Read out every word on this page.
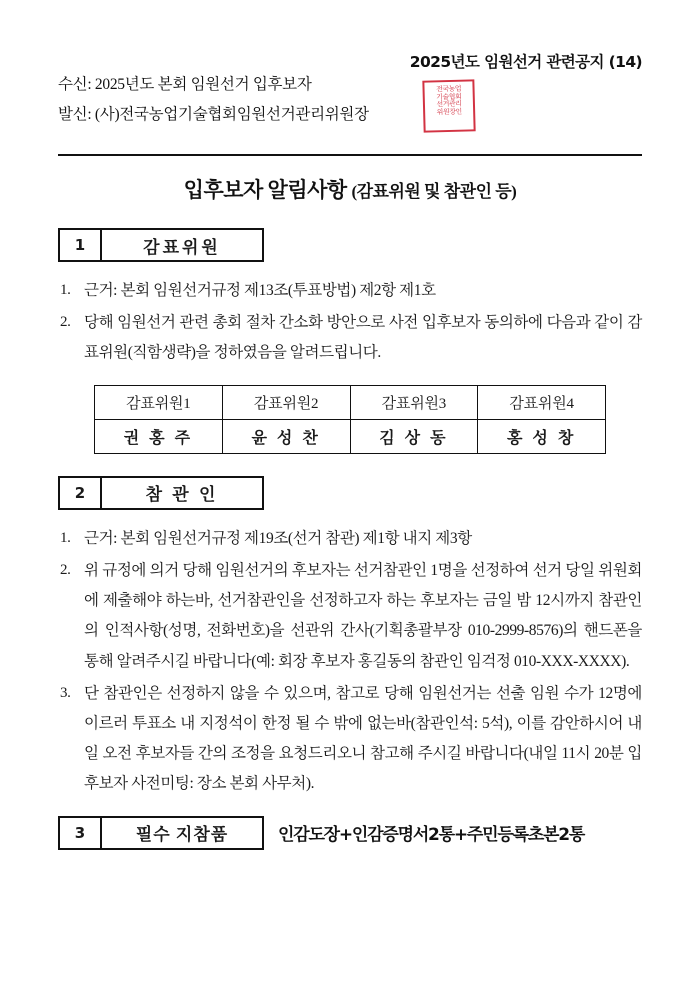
2025년도 임원선거 관련공지 (14)
수신: 2025년도 본회 임원선거 입후보자
발신: (사)전국농업기술협회임원선거관리위원장
전국농업
기술협회
선거관리
위원장인
입후보자 알림사항 (감표위원 및 참관인 등)
1	감표위원
1. 근거: 본회 임원선거규정 제13조(투표방법) 제2항 제1호
2. 당해 임원선거 관련 총회 절차 간소화 방안으로 사전 입후보자 동의하에 다음과 같이 감표위원(직함생략)을 정하였음을 알려드립니다.
감표위원1	감표위원2	감표위원3	감표위원4
권 홍 주	윤 성 찬	김 상 동	홍 성 창
2	참 관 인
1. 근거: 본회 임원선거규정 제19조(선거 참관) 제1항 내지 제3항
2. 위 규정에 의거 당해 임원선거의 후보자는 선거참관인 1명을 선정하여 선거 당일 위원회에 제출해야 하는바, 선거참관인을 선정하고자 하는 후보자는 금일 밤 12시까지 참관인의 인적사항(성명, 전화번호)을 선관위 간사(기획총괄부장 010-2999-8576)의 핸드폰을 통해 알려주시길 바랍니다(예: 회장 후보자 홍길동의 참관인 임걱정 010-XXX-XXXX).
3. 단 참관인은 선정하지 않을 수 있으며, 참고로 당해 임원선거는 선출 임원 수가 12명에 이르러 투표소 내 지정석이 한정 될 수 밖에 없는바(참관인석: 5석), 이를 감안하시어 내일 오전 후보자들 간의 조정을 요청드리오니 참고해 주시길 바랍니다(내일 11시 20분 입후보자 사전미팅: 장소 본회 사무처).
3	필수 지참품	인감도장+인감증명서2통+주민등록초본2통
